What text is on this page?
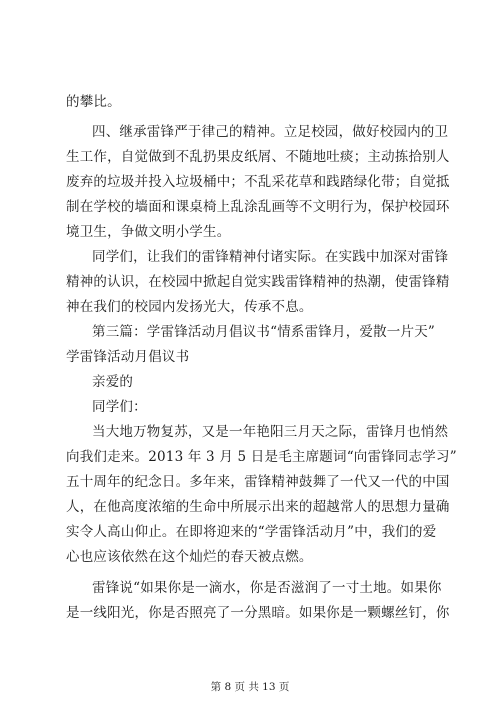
的攀比。
四、继承雷锋严于律己的精神。立足校园，做好校园内的卫
生工作，自觉做到不乱扔果皮纸屑、不随地吐痰；主动拣拾别人
废弃的垃圾并投入垃圾桶中；不乱采花草和践踏绿化带；自觉抵
制在学校的墙面和课桌椅上乱涂乱画等不文明行为，保护校园环
境卫生，争做文明小学生。
同学们，让我们的雷锋精神付诸实际。在实践中加深对雷锋
精神的认识，在校园中掀起自觉实践雷锋精神的热潮，使雷锋精
神在我们的校园内发扬光大，传承不息。
第三篇：学雷锋活动月倡议书“情系雷锋月，爱散一片天”
学雷锋活动月倡议书
亲爱的
同学们：
当大地万物复苏，又是一年艳阳三月天之际，雷锋月也悄然
向我们走来。2013 年 3 月 5 日是毛主席题词“向雷锋同志学习”
五十周年的纪念日。多年来，雷锋精神鼓舞了一代又一代的中国
人，在他高度浓缩的生命中所展示出来的超越常人的思想力量确
实令人高山仰止。在即将迎来的“学雷锋活动月”中，我们的爱
心也应该依然在这个灿烂的春天被点燃。
雷锋说“如果你是一滴水，你是否滋润了一寸土地。如果你
是一线阳光，你是否照亮了一分黑暗。如果你是一颗螺丝钉，你
第 8 页 共 13 页
